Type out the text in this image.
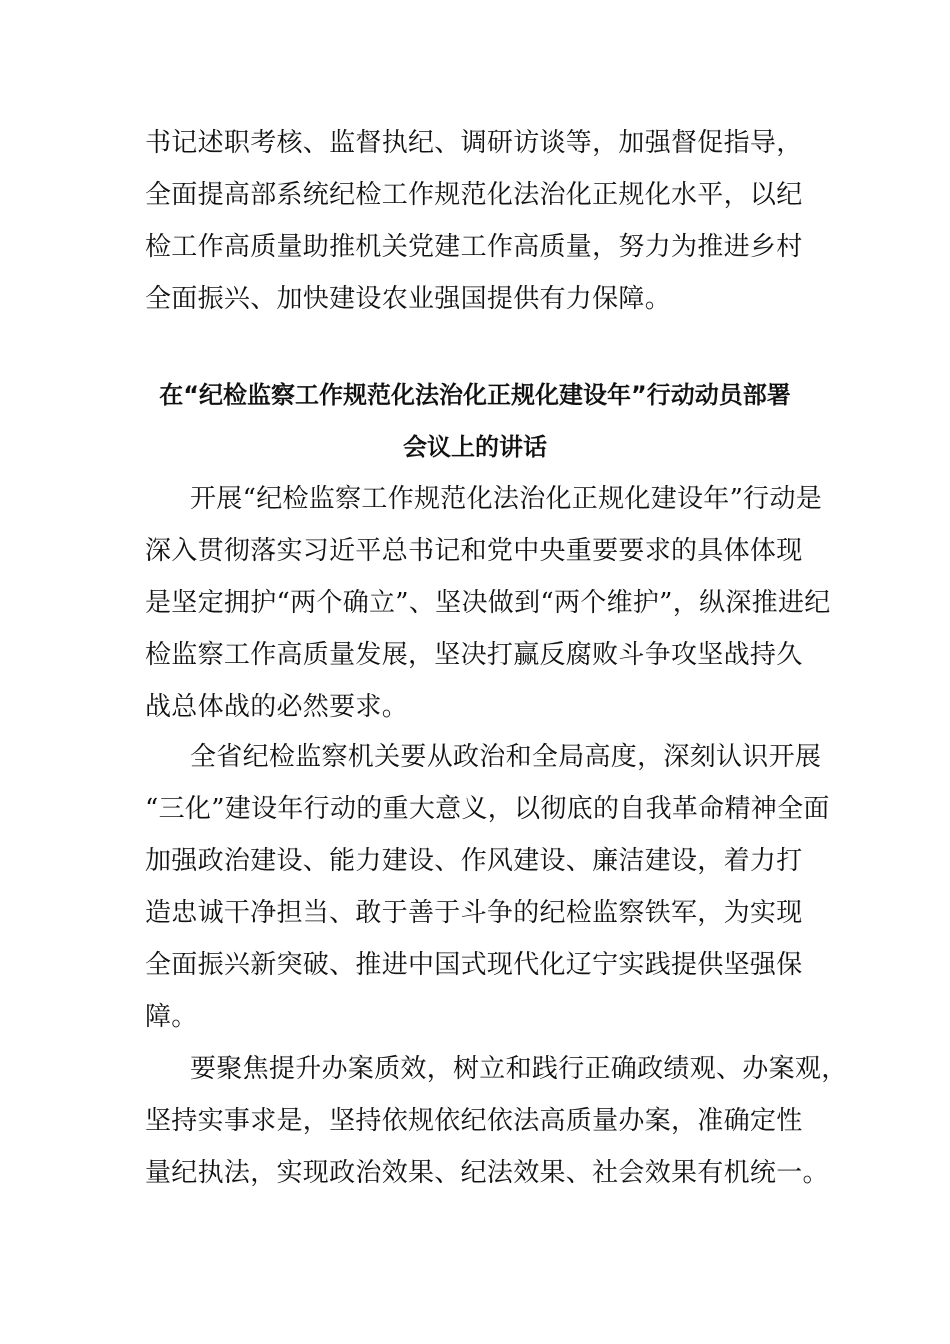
书记述职考核、监督执纪、调研访谈等，加强督促指导，
全面提高部系统纪检工作规范化法治化正规化水平，以纪
检工作高质量助推机关党建工作高质量，努力为推进乡村
全面振兴、加快建设农业强国提供有力保障。
在“纪检监察工作规范化法治化正规化建设年”行动动员部署
会议上的讲话
开展“纪检监察工作规范化法治化正规化建设年”行动是
深入贯彻落实习近平总书记和党中央重要要求的具体体现
是坚定拥护“两个确立”、坚决做到“两个维护”，纵深推进纪
检监察工作高质量发展，坚决打赢反腐败斗争攻坚战持久
战总体战的必然要求。
全省纪检监察机关要从政治和全局高度，深刻认识开展
“三化”建设年行动的重大意义，以彻底的自我革命精神全面
加强政治建设、能力建设、作风建设、廉洁建设，着力打
造忠诚干净担当、敢于善于斗争的纪检监察铁军，为实现
全面振兴新突破、推进中国式现代化辽宁实践提供坚强保
障。
要聚焦提升办案质效，树立和践行正确政绩观、办案观，
坚持实事求是，坚持依规依纪依法高质量办案，准确定性
量纪执法，实现政治效果、纪法效果、社会效果有机统一。
